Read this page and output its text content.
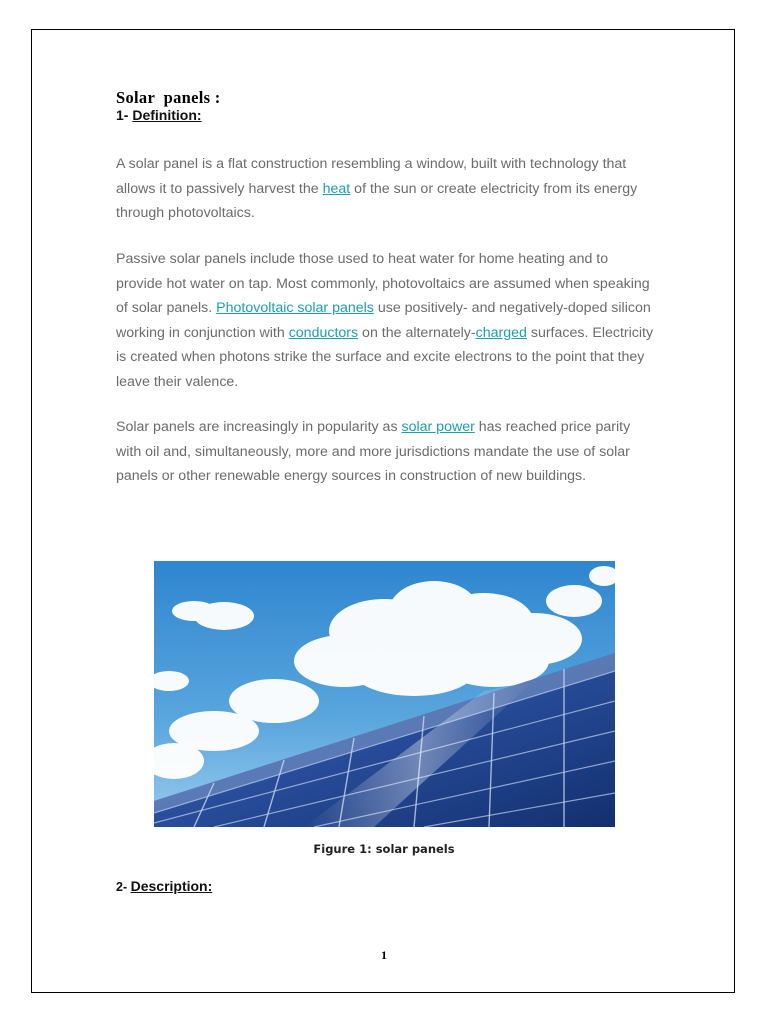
Solar  panels :
1- Definition:

A solar panel is a flat construction resembling a window, built with technology that allows it to passively harvest the heat of the sun or create electricity from its energy through photovoltaics.

Passive solar panels include those used to heat water for home heating and to provide hot water on tap. Most commonly, photovoltaics are assumed when speaking of solar panels. Photovoltaic solar panels use positively- and negatively-doped silicon working in conjunction with conductors on the alternately-charged surfaces. Electricity is created when photons strike the surface and excite electrons to the point that they leave their valence.

Solar panels are increasingly in popularity as solar power has reached price parity with oil and, simultaneously, more and more jurisdictions mandate the use of solar panels or other renewable energy sources in construction of new buildings.

Figure 1: solar panels
2- Description:
1
